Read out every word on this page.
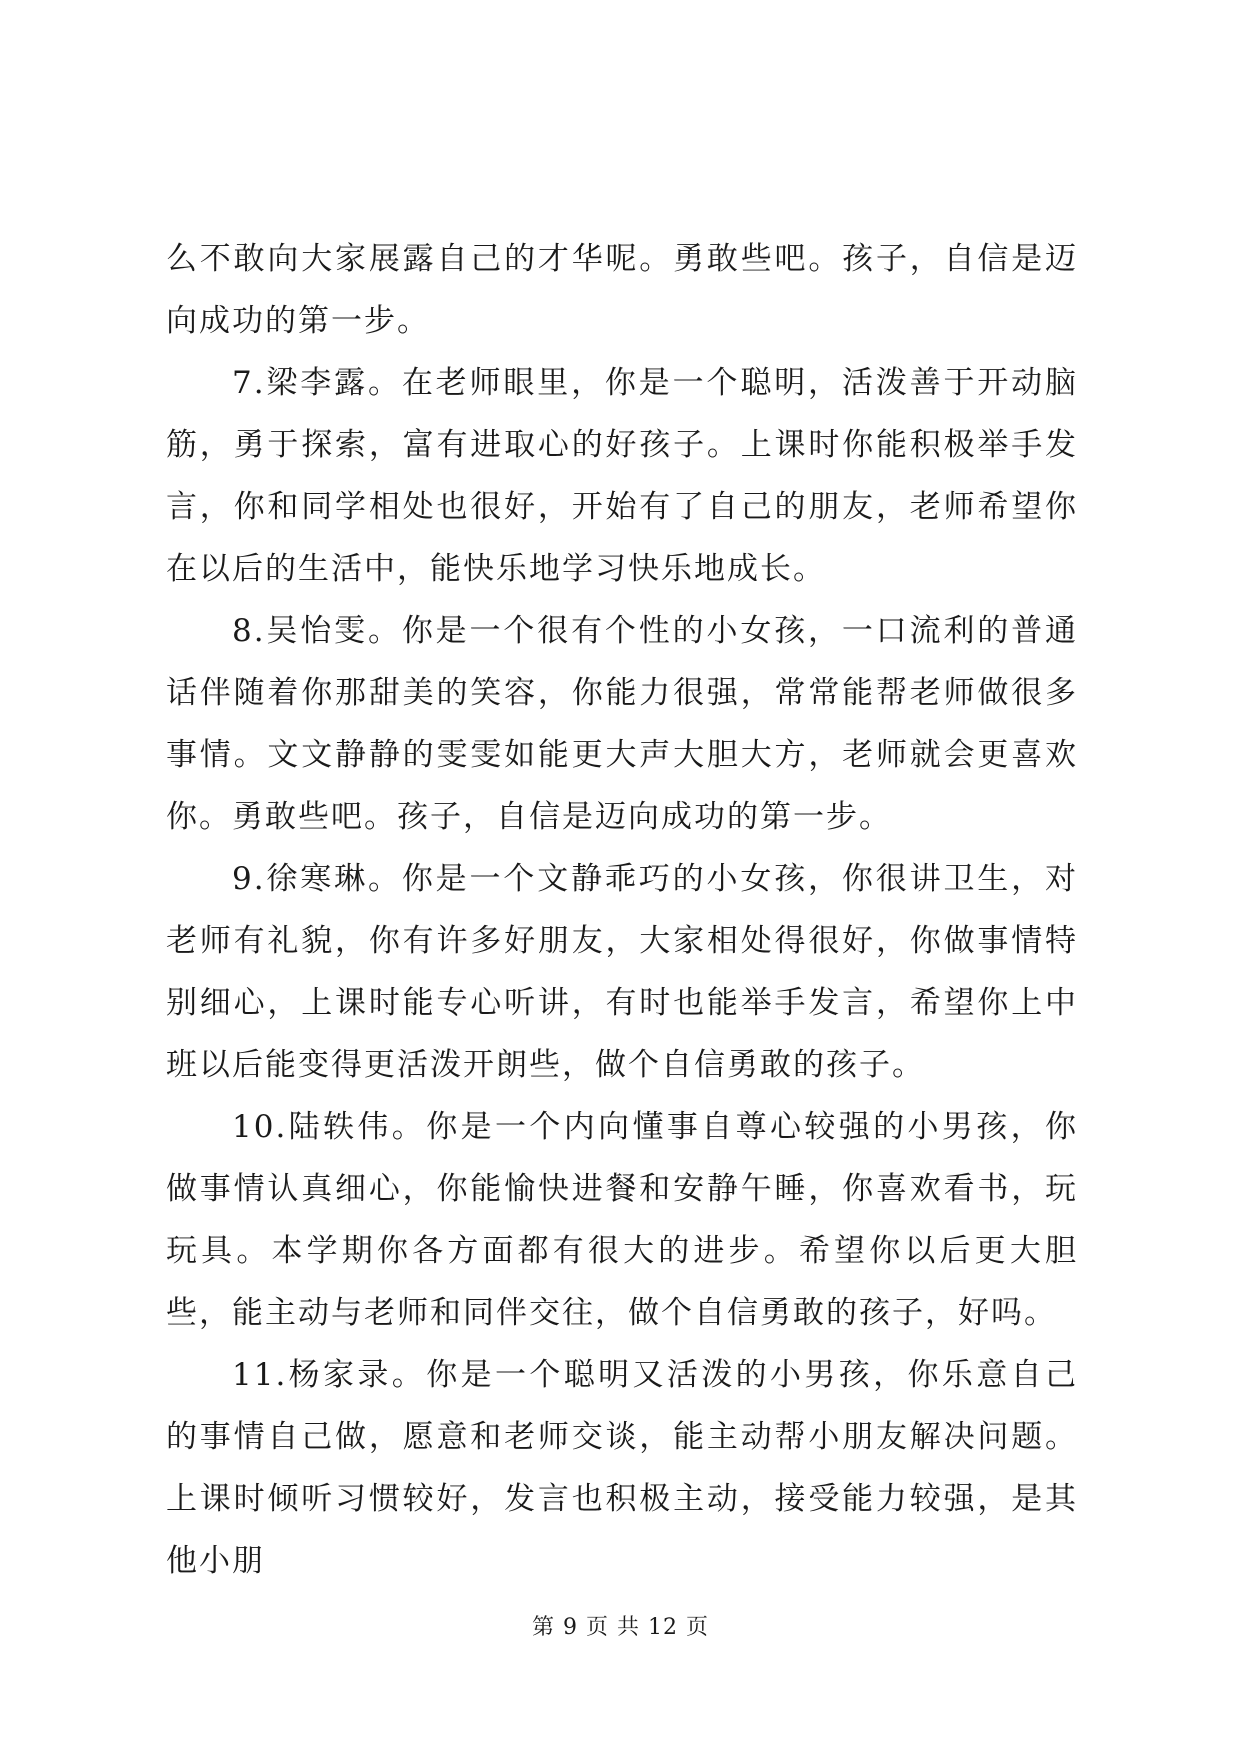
么不敢向大家展露自己的才华呢。勇敢些吧。孩子，自信是迈向成功的第一步。

7.梁李露。在老师眼里，你是一个聪明，活泼善于开动脑筋，勇于探索，富有进取心的好孩子。上课时你能积极举手发言，你和同学相处也很好，开始有了自己的朋友，老师希望你在以后的生活中，能快乐地学习快乐地成长。

8.吴怡雯。你是一个很有个性的小女孩，一口流利的普通话伴随着你那甜美的笑容，你能力很强，常常能帮老师做很多事情。文文静静的雯雯如能更大声大胆大方，老师就会更喜欢你。勇敢些吧。孩子，自信是迈向成功的第一步。

9.徐寒琳。你是一个文静乖巧的小女孩，你很讲卫生，对老师有礼貌，你有许多好朋友，大家相处得很好，你做事情特别细心，上课时能专心听讲，有时也能举手发言，希望你上中班以后能变得更活泼开朗些，做个自信勇敢的孩子。

10.陆轶伟。你是一个内向懂事自尊心较强的小男孩，你做事情认真细心，你能愉快进餐和安静午睡，你喜欢看书，玩玩具。本学期你各方面都有很大的进步。希望你以后更大胆些，能主动与老师和同伴交往，做个自信勇敢的孩子，好吗。

11.杨家录。你是一个聪明又活泼的小男孩，你乐意自己的事情自己做，愿意和老师交谈，能主动帮小朋友解决问题。上课时倾听习惯较好，发言也积极主动，接受能力较强，是其他小朋

第 9 页 共 12 页
